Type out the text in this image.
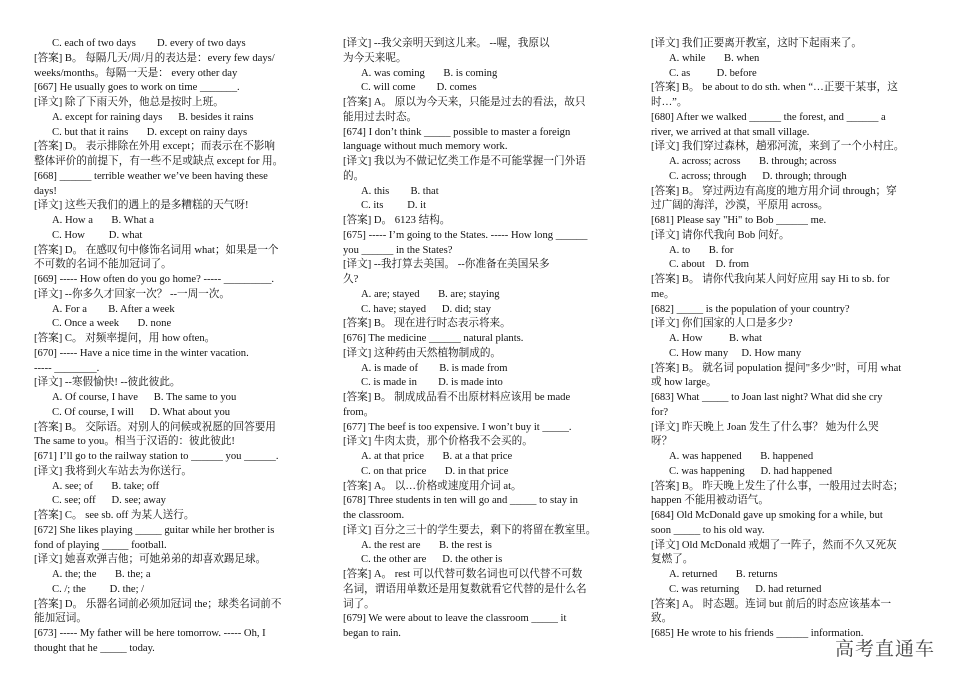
C. each of two days        D. every of two days

[答案] B。 每隔几天/周/月的表达是：every few days/

weeks/months。每隔一天是： every other day

[667] He usually goes to work on time _______.

[译文] 除了下雨天外，他总是按时上班。

A. except for raining days      B. besides it rains

C. but that it rains       D. except on rainy days

[答案] D。 表示排除在外用 except；而表示在不影响

整体评价的前提下，有一些不足或缺点 except for 用。

[668] ______ terrible weather we’ve been having these

days!

[译文] 这些天我们的遇上的是多糟糕的天气呀!

A. How a       B. What a

C. How         D. what

[答案] D。 在感叹句中修饰名词用 what；如果是一个

不可数的名词不能加冠词了。

[669] ----- How often do you go home? ----- _________.

[译文] --你多久才回家一次？ --一周一次。

A. For a        B. After a week

C. Once a week       D. none

[答案] C。 对频率提问，用 how often。

[670] ----- Have a nice time in the winter vacation.

----- ________.

[译文] --寒假愉快! --彼此彼此。

A. Of course, I have      B. The same to you

C. Of course, I will      D. What about you

[答案] B。 交际语。对别人的问候或祝愿的回答要用

The same to you。相当于汉语的：彼此彼此!

[671] I’ll go to the railway station to ______ you ______.

[译文] 我将到火车站去为你送行。

A. see; of       B. take; off

C. see; off      D. see; away

[答案] C。 see sb. off 为某人送行。

[672] She likes playing _____ guitar while her brother is

fond of playing _____ football.

[译文] 她喜欢弹吉他；可她弟弟的却喜欢踢足球。

A. the; the       B. the; a

C. /; the         D. the; /

[答案] D。 乐器名词前必须加冠词 the；球类名词前不

能加冠词。

[673] ----- My father will be here tomorrow. ----- Oh, I

thought that he _____ today.

[译文] --我父亲明天到这儿来。 --喔，我原以

为今天来呢。

A. was coming       B. is coming

C. will come        D. comes

[答案] A。 原以为今天来，只能是过去的看法，故只

能用过去时态。

[674] I don’t think _____ possible to master a foreign

language without much memory work.

[译文] 我以为不做记忆类工作是不可能掌握一门外语

的。

A. this        B. that

C. its         D. it

[答案] D。 6123 结构。

[675] ----- I’m going to the States. ----- How long ______

you ______ in the States?

[译文] --我打算去美国。 --你准备在美国呆多

久?

A. are; stayed       B. are; staying

C. have; stayed      D. did; stay

[答案] B。 现在进行时态表示将来。

[676] The medicine ______ natural plants.

[译文] 这种药由天然植物制成的。

A. is made of        B. is made from

C. is made in        D. is made into

[答案] B。 制成成品看不出原材料应该用 be made

from。

[677] The beef is too expensive. I won’t buy it _____.

[译文] 牛肉太贵，那个价格我不会买的。

A. at that price       B. at a that price

C. on that price       D. in that price

[答案] A。 以…价格或速度用介词 at。

[678] Three students in ten will go and _____ to stay in

the classroom.

[译文] 百分之三十的学生要去，剩下的将留在教室里。

A. the rest are       B. the rest is

C. the other are      D. the other is

[答案] A。 rest 可以代替可数名词也可以代替不可数

名词，谓语用单数还是用复数就看它代替的是什么名

词了。

[679] We were about to leave the classroom _____ it

began to rain.

[译文] 我们正要离开教室，这时下起雨来了。

A. while       B. when

C. as          D. before

[答案] B。 be about to do sth. when “…正要干某事，这

时…”。

[680] After we walked ______ the forest, and ______ a

river, we arrived at that small village.

[译文] 我们穿过森林，趟邪河流，来到了一个小村庄。

A. across; across       B. through; across

C. across; through      D. through; through

[答案] B。 穿过两边有高度的地方用介词 through；穿

过广阔的海洋，沙漠，平原用 across。

[681] Please say "Hi" to Bob ______ me.

[译文] 请你代我向 Bob 问好。

A. to       B. for

C. about    D. from

[答案] B。 请你代我向某人问好应用 say Hi to sb. for

me。

[682] _____ is the population of your country?

[译文] 你们国家的人口是多少?

A. How          B. what

C. How many     D. How many

[答案] B。 就名词 population 提问"多少"时，可用 what

或 how large。

[683] What _____ to Joan last night? What did she cry

for?

[译文] 昨天晚上 Joan 发生了什么事？ 她为什么哭

呀？

A. was happened       B. happened

C. was happening      D. had happened

[答案] B。 昨天晚上发生了什么事，一般用过去时态；

happen 不能用被动语气。

[684] Old McDonald gave up smoking for a while, but

soon _____ to his old way.

[译文] Old McDonald 戒烟了一阵子，然而不久又死灰

复燃了。

A. returned       B. returns

C. was returning      D. had returned

[答案] A。 时态题。连词 but 前后的时态应该基本一

致。

[685] He wrote to his friends ______ information.

高考直通车
